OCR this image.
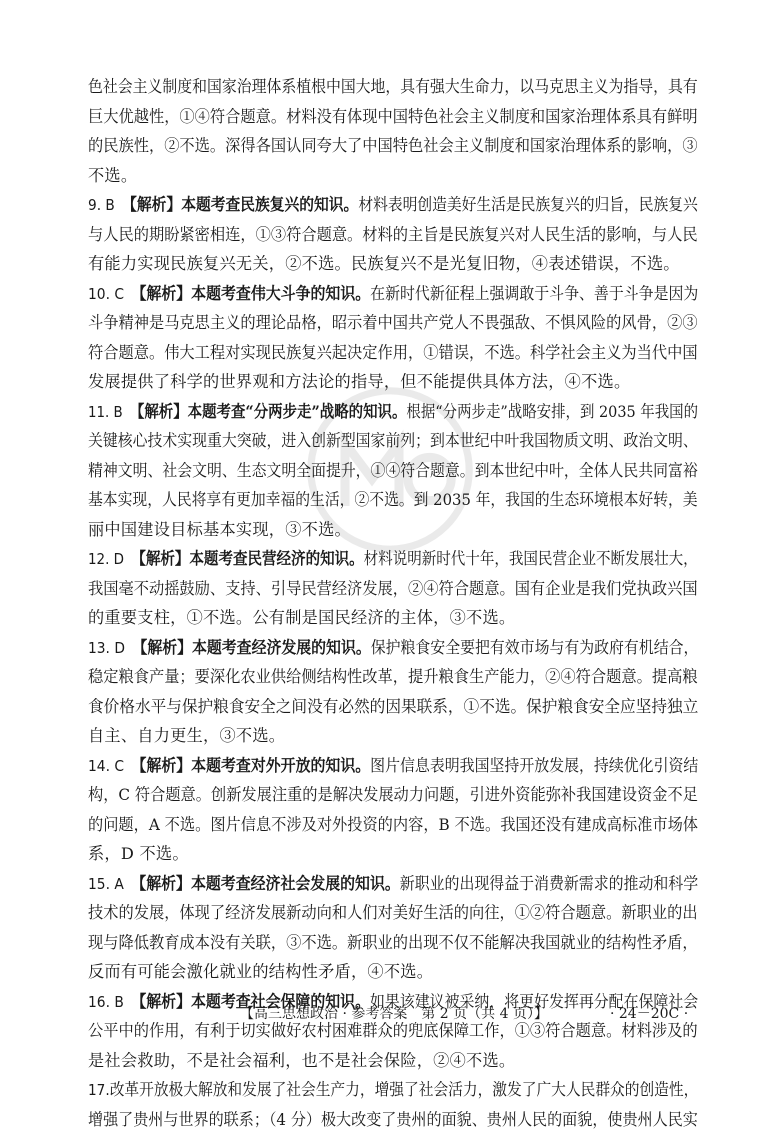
色社会主义制度和国家治理体系植根中国大地，具有强大生命力，以马克思主义为指导，具有
巨大优越性，①④符合题意。材料没有体现中国特色社会主义制度和国家治理体系具有鲜明
的民族性，②不选。深得各国认同夸大了中国特色社会主义制度和国家治理体系的影响，③
不选。
9. B  【解析】本题考查民族复兴的知识。材料表明创造美好生活是民族复兴的归旨，民族复兴
与人民的期盼紧密相连，①③符合题意。材料的主旨是民族复兴对人民生活的影响，与人民
有能力实现民族复兴无关，②不选。民族复兴不是光复旧物，④表述错误，不选。
10. C  【解析】本题考查伟大斗争的知识。在新时代新征程上强调敢于斗争、善于斗争是因为
斗争精神是马克思主义的理论品格，昭示着中国共产党人不畏强敌、不惧风险的风骨，②③
符合题意。伟大工程对实现民族复兴起决定作用，①错误，不选。科学社会主义为当代中国
发展提供了科学的世界观和方法论的指导，但不能提供具体方法，④不选。
11. B  【解析】本题考查“分两步走”战略的知识。根据“分两步走”战略安排，到 2035 年我国的
关键核心技术实现重大突破，进入创新型国家前列；到本世纪中叶我国物质文明、政治文明、
精神文明、社会文明、生态文明全面提升，①④符合题意。到本世纪中叶，全体人民共同富裕
基本实现，人民将享有更加幸福的生活，②不选。到 2035 年，我国的生态环境根本好转，美
丽中国建设目标基本实现，③不选。
12. D  【解析】本题考查民营经济的知识。材料说明新时代十年，我国民营企业不断发展壮大，
我国毫不动摇鼓励、支持、引导民营经济发展，②④符合题意。国有企业是我们党执政兴国
的重要支柱，①不选。公有制是国民经济的主体，③不选。
13. D  【解析】本题考查经济发展的知识。保护粮食安全要把有效市场与有为政府有机结合，
稳定粮食产量；要深化农业供给侧结构性改革，提升粮食生产能力，②④符合题意。提高粮
食价格水平与保护粮食安全之间没有必然的因果联系，①不选。保护粮食安全应坚持独立
自主、自力更生，③不选。
14. C  【解析】本题考查对外开放的知识。图片信息表明我国坚持开放发展，持续优化引资结
构，C 符合题意。创新发展注重的是解决发展动力问题，引进外资能弥补我国建设资金不足
的问题，A 不选。图片信息不涉及对外投资的内容，B 不选。我国还没有建成高标准市场体
系，D 不选。
15. A  【解析】本题考查经济社会发展的知识。新职业的出现得益于消费新需求的推动和科学
技术的发展，体现了经济发展新动向和人们对美好生活的向往，①②符合题意。新职业的出
现与降低教育成本没有关联，③不选。新职业的出现不仅不能解决我国就业的结构性矛盾，
反而有可能会激化就业的结构性矛盾，④不选。
16. B  【解析】本题考查社会保障的知识。如果该建议被采纳，将更好发挥再分配在保障社会
公平中的作用，有利于切实做好农村困难群众的兜底保障工作，①③符合题意。材料涉及的
是社会救助，不是社会福利，也不是社会保险，②④不选。
17.改革开放极大解放和发展了社会生产力，增强了社会活力，激发了广大人民群众的创造性，
增强了贵州与世界的联系；（4 分）极大改变了贵州的面貌、贵州人民的面貌，使贵州人民实
【高三思想政治 · 参考答案　第 2 页（共 4 页）】	· 24－20C ·
